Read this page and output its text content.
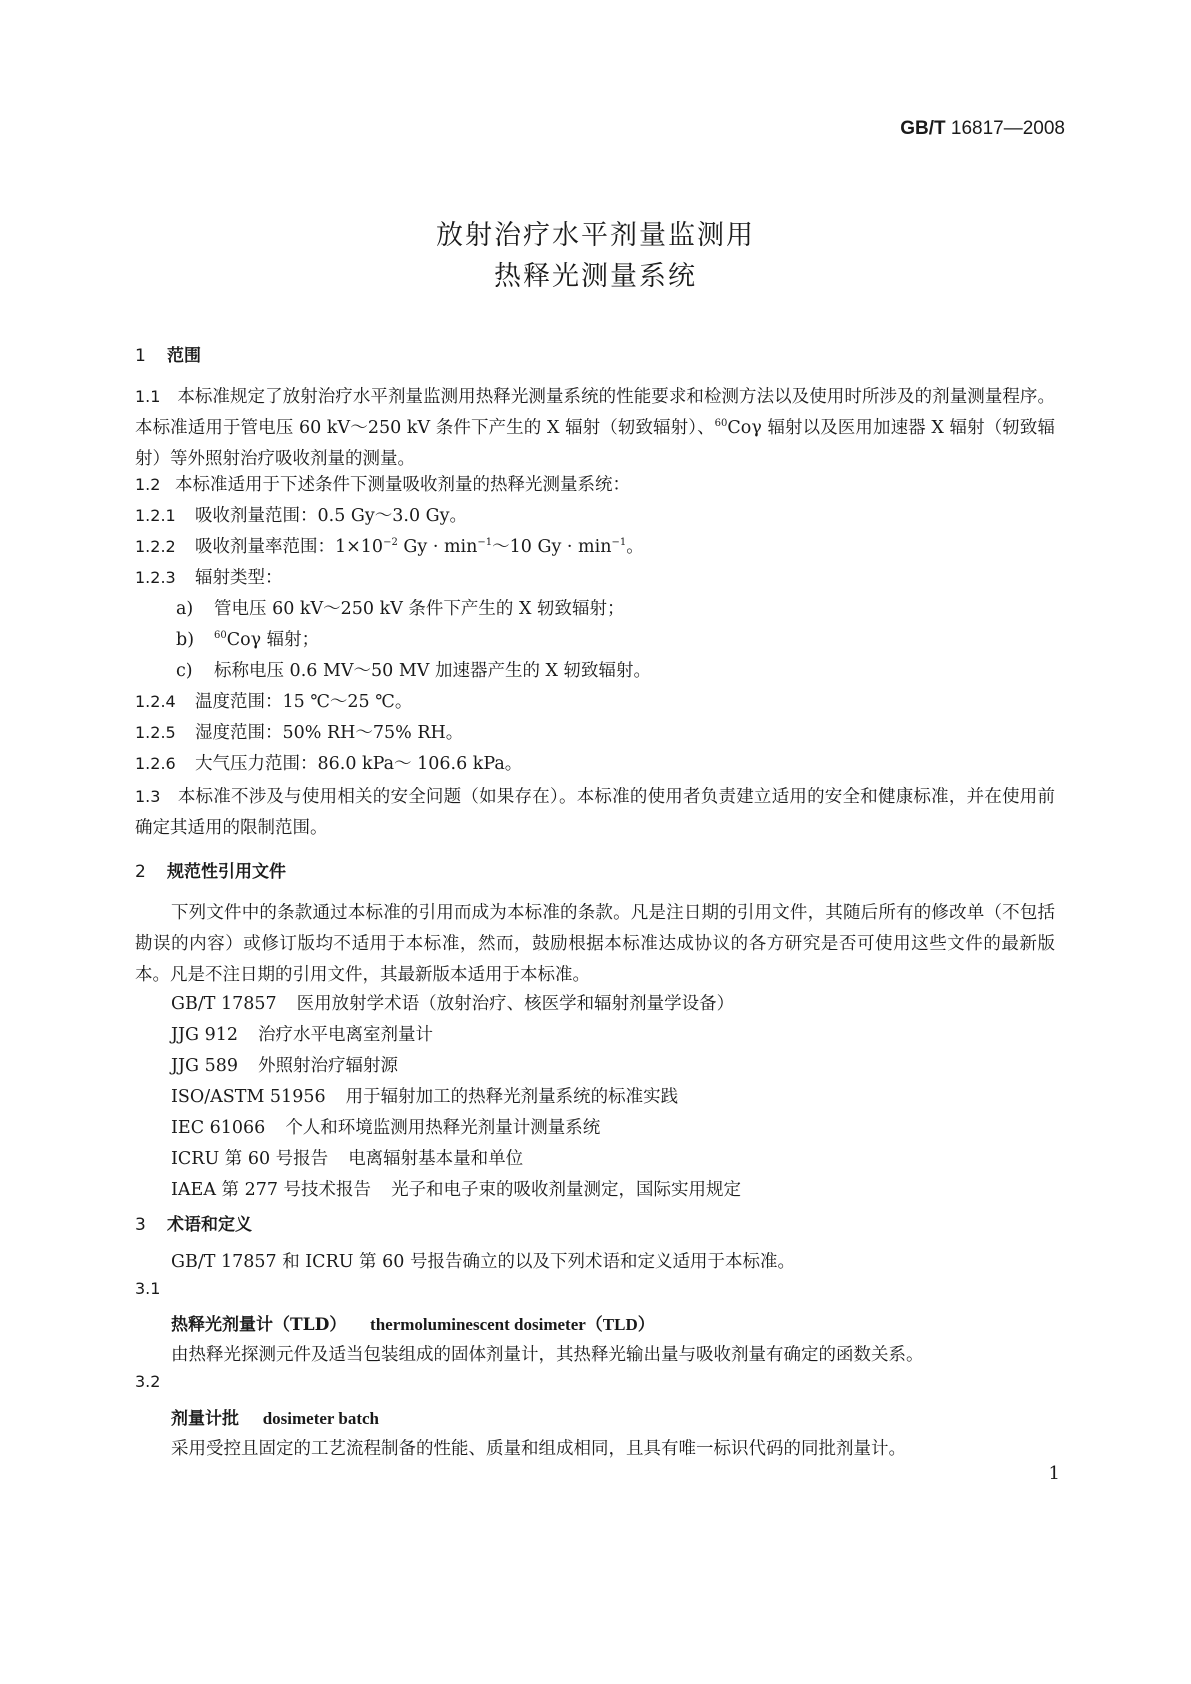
GB/T 16817—2008
放射治疗水平剂量监测用
热释光测量系统
1 范围
1.1 本标准规定了放射治疗水平剂量监测用热释光测量系统的性能要求和检测方法以及使用时所涉及的剂量测量程序。本标准适用于管电压 60 kV～250 kV 条件下产生的 X 辐射（轫致辐射）、$^{60}$Coγ 辐射以及医用加速器 X 辐射（轫致辐射）等外照射治疗吸收剂量的测量。
1.2 本标准适用于下述条件下测量吸收剂量的热释光测量系统：
1.2.1 吸收剂量范围：0.5 Gy～3.0 Gy。
1.2.2 吸收剂量率范围：$1\times 10^{-2}$ $Gy \cdot \min^{-1}\sim 10$ $Gy \cdot \min^{-1}$。
1.2.3 辐射类型：
a) 管电压 60 kV～250 kV 条件下产生的 X 轫致辐射；
b) $^{60}$Coγ 辐射；
c) 标称电压 0.6 MV～50 MV 加速器产生的 X 轫致辐射。
1.2.4 温度范围：15 ℃～25 ℃。
1.2.5 湿度范围：50% RH～75% RH。
1.2.6 大气压力范围：86.0 kPa～ 106.6 kPa。
1.3 本标准不涉及与使用相关的安全问题（如果存在）。本标准的使用者负责建立适用的安全和健康标准，并在使用前确定其适用的限制范围。
2 规范性引用文件
下列文件中的条款通过本标准的引用而成为本标准的条款。凡是注日期的引用文件，其随后所有的修改单（不包括勘误的内容）或修订版均不适用于本标准，然而，鼓励根据本标准达成协议的各方研究是否可使用这些文件的最新版本。凡是不注日期的引用文件，其最新版本适用于本标准。
GB/T 17857 医用放射学术语（放射治疗、核医学和辐射剂量学设备）
JJG 912 治疗水平电离室剂量计
JJG 589 外照射治疗辐射源
ISO/ASTM 51956 用于辐射加工的热释光剂量系统的标准实践
IEC 61066 个人和环境监测用热释光剂量计测量系统
ICRU 第 60 号报告 电离辐射基本量和单位
IAEA 第 277 号技术报告 光子和电子束的吸收剂量测定，国际实用规定
3 术语和定义
GB/T 17857 和 ICRU 第 60 号报告确立的以及下列术语和定义适用于本标准。
3.1
热释光剂量计（TLD） thermoluminescent dosimeter（TLD）
由热释光探测元件及适当包装组成的固体剂量计，其热释光输出量与吸收剂量有确定的函数关系。
3.2
剂量计批 dosimeter batch
采用受控且固定的工艺流程制备的性能、质量和组成相同，且具有唯一标识代码的同批剂量计。
1
